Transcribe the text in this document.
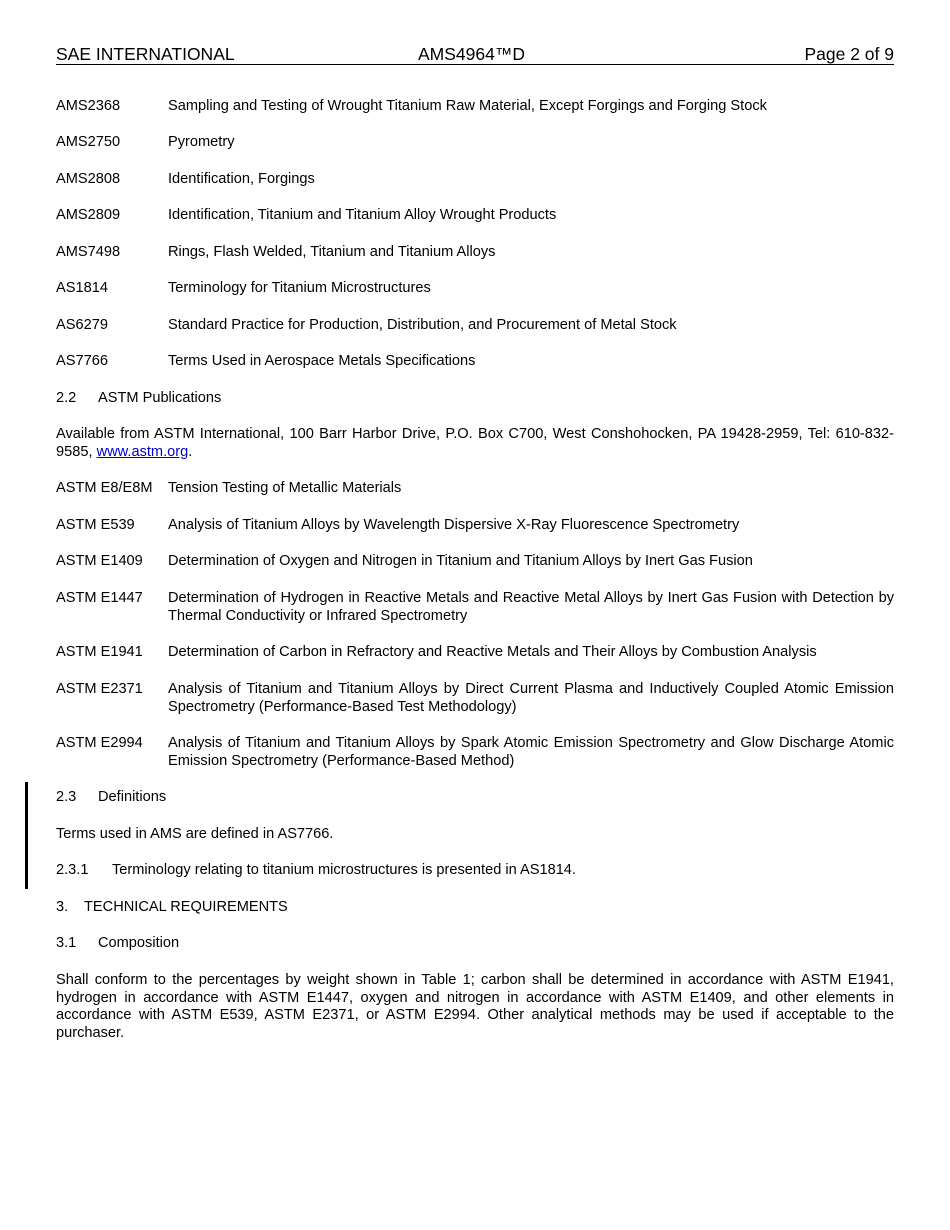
SAE INTERNATIONAL	AMS4964™D	Page 2 of 9
AMS2368	Sampling and Testing of Wrought Titanium Raw Material, Except Forgings and Forging Stock
AMS2750	Pyrometry
AMS2808	Identification, Forgings
AMS2809	Identification, Titanium and Titanium Alloy Wrought Products
AMS7498	Rings, Flash Welded, Titanium and Titanium Alloys
AS1814	Terminology for Titanium Microstructures
AS6279	Standard Practice for Production, Distribution, and Procurement of Metal Stock
AS7766	Terms Used in Aerospace Metals Specifications
2.2 ASTM Publications
Available from ASTM International, 100 Barr Harbor Drive, P.O. Box C700, West Conshohocken, PA 19428-2959, Tel: 610-832-9585, www.astm.org.
ASTM E8/E8M Tension Testing of Metallic Materials
ASTM E539 Analysis of Titanium Alloys by Wavelength Dispersive X-Ray Fluorescence Spectrometry
ASTM E1409 Determination of Oxygen and Nitrogen in Titanium and Titanium Alloys by Inert Gas Fusion
ASTM E1447 Determination of Hydrogen in Reactive Metals and Reactive Metal Alloys by Inert Gas Fusion with Detection by Thermal Conductivity or Infrared Spectrometry
ASTM E1941 Determination of Carbon in Refractory and Reactive Metals and Their Alloys by Combustion Analysis
ASTM E2371 Analysis of Titanium and Titanium Alloys by Direct Current Plasma and Inductively Coupled Atomic Emission Spectrometry (Performance-Based Test Methodology)
ASTM E2994 Analysis of Titanium and Titanium Alloys by Spark Atomic Emission Spectrometry and Glow Discharge Atomic Emission Spectrometry (Performance-Based Method)
2.3 Definitions
Terms used in AMS are defined in AS7766.
2.3.1 Terminology relating to titanium microstructures is presented in AS1814.
3. TECHNICAL REQUIREMENTS
3.1 Composition
Shall conform to the percentages by weight shown in Table 1; carbon shall be determined in accordance with ASTM E1941, hydrogen in accordance with ASTM E1447, oxygen and nitrogen in accordance with ASTM E1409, and other elements in accordance with ASTM E539, ASTM E2371, or ASTM E2994. Other analytical methods may be used if acceptable to the purchaser.
